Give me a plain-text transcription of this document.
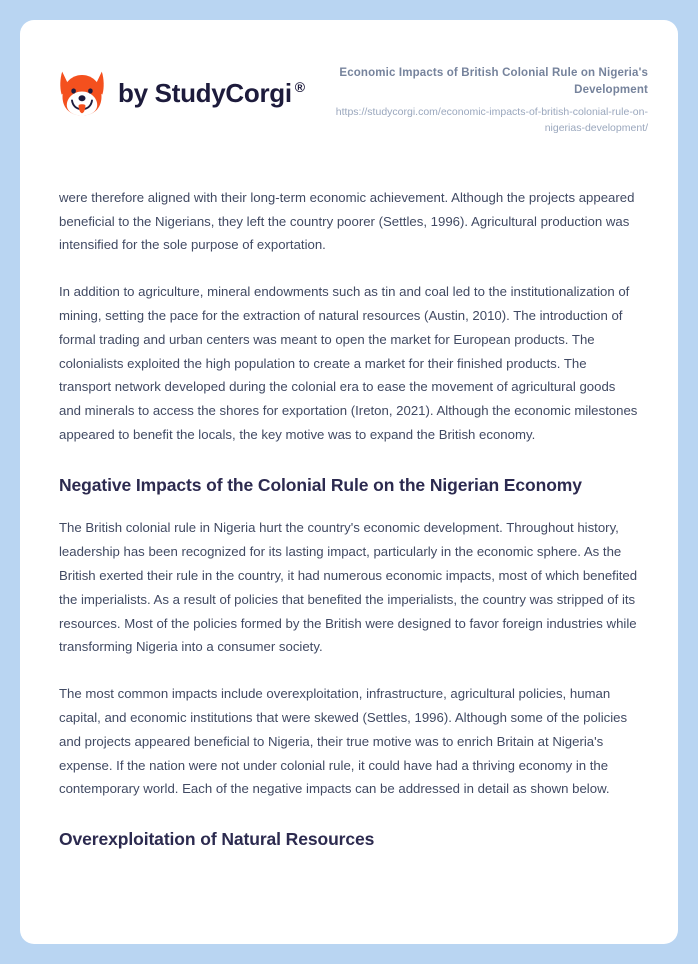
by StudyCorgi ®
Economic Impacts of British Colonial Rule on Nigeria's Development
https://studycorgi.com/economic-impacts-of-british-colonial-rule-on-nigerias-development/

were therefore aligned with their long-term economic achievement. Although the projects appeared beneficial to the Nigerians, they left the country poorer (Settles, 1996). Agricultural production was intensified for the sole purpose of exportation.

In addition to agriculture, mineral endowments such as tin and coal led to the institutionalization of mining, setting the pace for the extraction of natural resources (Austin, 2010). The introduction of formal trading and urban centers was meant to open the market for European products. The colonialists exploited the high population to create a market for their finished products. The transport network developed during the colonial era to ease the movement of agricultural goods and minerals to access the shores for exportation (Ireton, 2021). Although the economic milestones appeared to benefit the locals, the key motive was to expand the British economy.

Negative Impacts of the Colonial Rule on the Nigerian Economy

The British colonial rule in Nigeria hurt the country's economic development. Throughout history, leadership has been recognized for its lasting impact, particularly in the economic sphere. As the British exerted their rule in the country, it had numerous economic impacts, most of which benefited the imperialists. As a result of policies that benefited the imperialists, the country was stripped of its resources. Most of the policies formed by the British were designed to favor foreign industries while transforming Nigeria into a consumer society.

The most common impacts include overexploitation, infrastructure, agricultural policies, human capital, and economic institutions that were skewed (Settles, 1996). Although some of the policies and projects appeared beneficial to Nigeria, their true motive was to enrich Britain at Nigeria's expense. If the nation were not under colonial rule, it could have had a thriving economy in the contemporary world. Each of the negative impacts can be addressed in detail as shown below.

Overexploitation of Natural Resources
